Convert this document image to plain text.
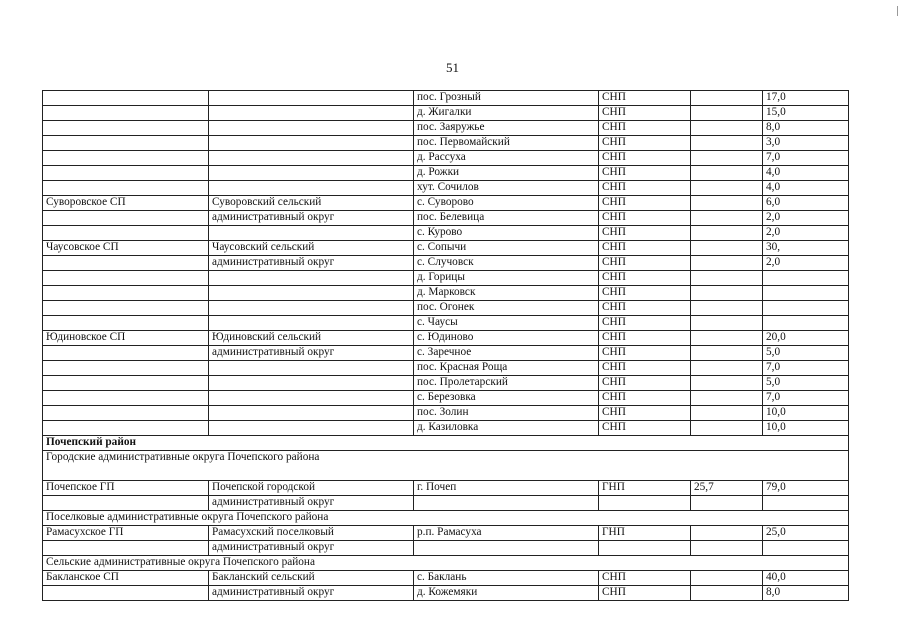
51
		пос. Грозный	СНП		17,0
		д. Жигалки	СНП		15,0
		пос. Заяружье	СНП		8,0
		пос. Первомайский	СНП		3,0
		д. Рассуха	СНП		7,0
		д. Рожки	СНП		4,0
		хут. Сочилов	СНП		4,0
Суворовское СП	Суворовский сельский	с. Суворово	СНП		6,0
	административный округ	пос. Белевица	СНП		2,0
		с. Курово	СНП		2,0
Чаусовское СП	Чаусовский сельский	с. Сопычи	СНП		30,
	административный округ	с. Случовск	СНП		2,0
		д. Горицы	СНП		
		д. Марковск	СНП		
		пос. Огонек	СНП		
		с. Чаусы	СНП		
Юдиновское СП	Юдиновский сельский	с. Юдиново	СНП		20,0
	административный округ	с. Заречное	СНП		5,0
		пос. Красная Роща	СНП		7,0
		пос. Пролетарский	СНП		5,0
		с. Березовка	СНП		7,0
		пос. Золин	СНП		10,0
		д. Казиловка	СНП		10,0
Почепский район					
Городские административные округа Почепского района					
Почепское ГП	Почепской городской	г. Почеп	ГНП	25,7	79,0
	административный округ				
Поселковые административные округа Почепского района					
Рамасухское ГП	Рамасухский поселковый	р.п. Рамасуха	ГНП		25,0
	административный округ				
Сельские административные округа Почепского района					
Бакланское СП	Бакланский сельский	с. Баклань	СНП		40,0
	административный округ	д. Кожемяки	СНП		8,0
